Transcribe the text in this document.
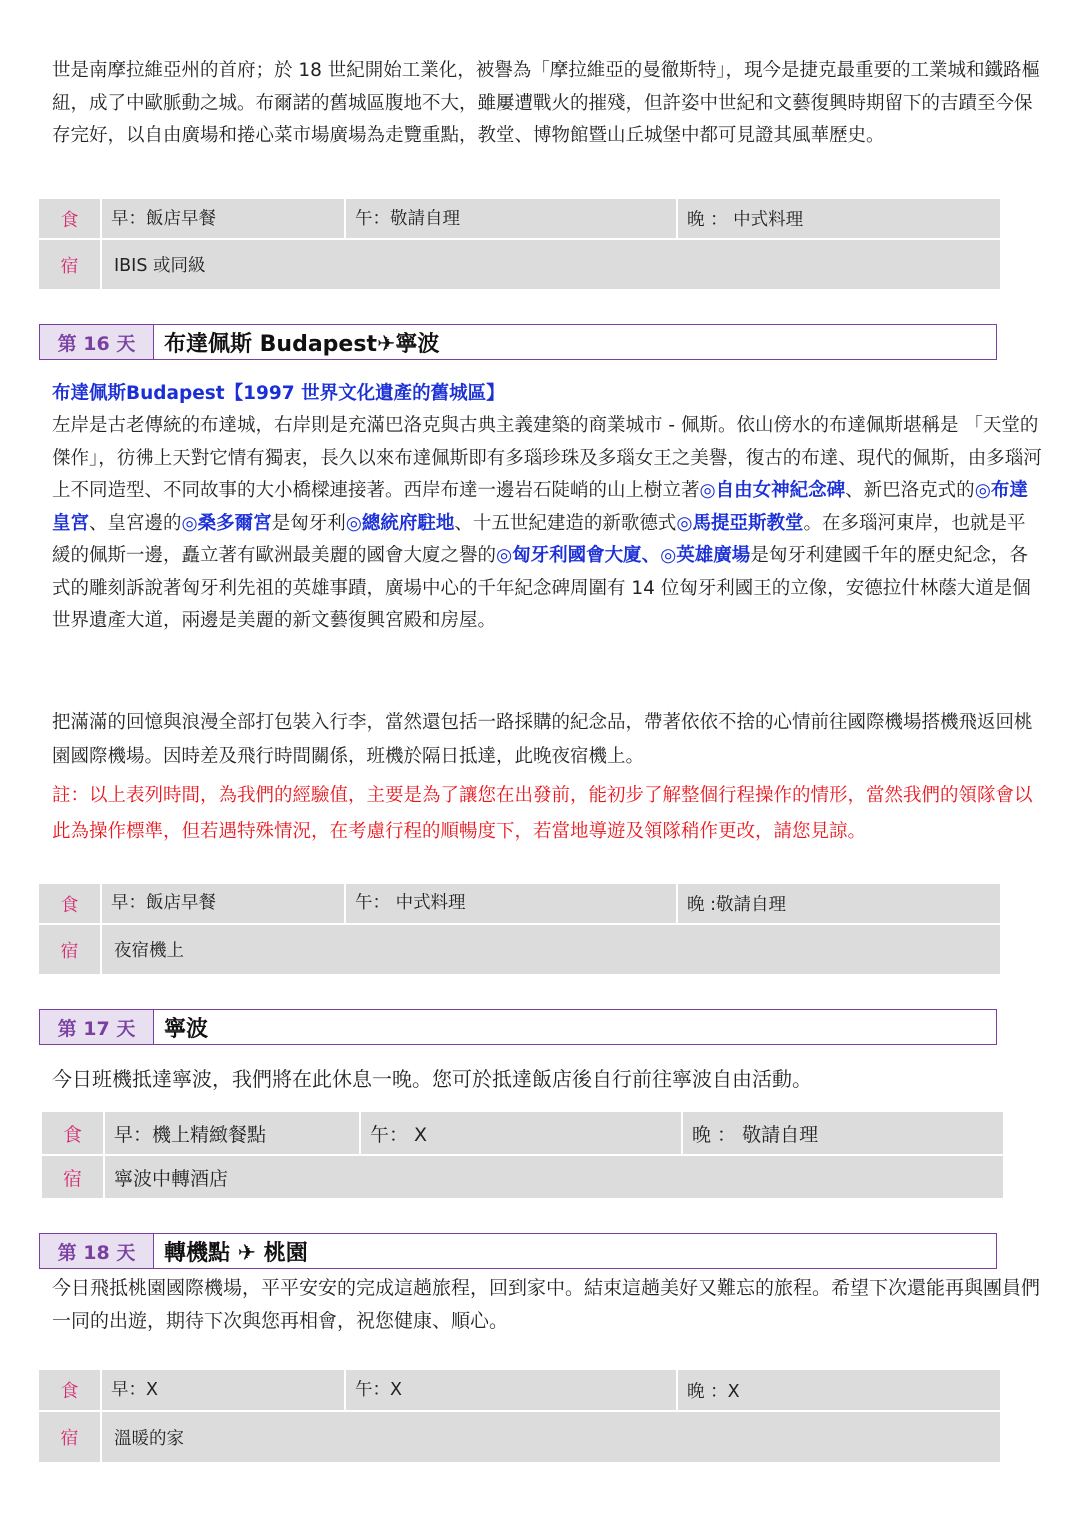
世是南摩拉維亞州的首府；於 18 世紀開始工業化，被譽為「摩拉維亞的曼徹斯特」，現今是捷克最重要的工業城和鐵路樞紐，成了中歐脈動之城。布爾諾的舊城區腹地不大，雖屢遭戰火的摧殘，但許姿中世紀和文藝復興時期留下的吉蹟至今保存完好，以自由廣場和捲心菜市場廣場為走覽重點，教堂、博物館暨山丘城堡中都可見證其風華歷史。

食	早：飯店早餐	午：敬請自理	晚 ： 中式料理
宿	IBIS 或同級
第 16 天	布達佩斯 Budapest✈寧波

布達佩斯Budapest【1997 世界文化遺產的舊城區】

左岸是古老傳統的布達城，右岸則是充滿巴洛克與古典主義建築的商業城市 - 佩斯。依山傍水的布達佩斯堪稱是 「天堂的傑作」，彷彿上天對它情有獨衷，長久以來布達佩斯即有多瑙珍珠及多瑙女王之美譽，復古的布達、現代的佩斯，由多瑙河上不同造型、不同故事的大小橋樑連接著。西岸布達一邊岩石陡峭的山上樹立著◎自由女神紀念碑、新巴洛克式的◎布達皇宮、皇宮邊的◎桑多爾宮是匈牙利◎總統府駐地、十五世紀建造的新歌德式◎馬提亞斯教堂。在多瑙河東岸，也就是平緩的佩斯一邊，矗立著有歐洲最美麗的國會大廈之譽的◎匈牙利國會大廈、◎英雄廣場是匈牙利建國千年的歷史紀念，各式的雕刻訴說著匈牙利先祖的英雄事蹟，廣場中心的千年紀念碑周圍有 14 位匈牙利國王的立像，安德拉什林蔭大道是個世界遺產大道，兩邊是美麗的新文藝復興宮殿和房屋。

把滿滿的回憶與浪漫全部打包裝入行李，當然還包括一路採購的紀念品，帶著依依不捨的心情前往國際機場搭機飛返回桃園國際機場。因時差及飛行時間關係，班機於隔日抵達，此晚夜宿機上。

註：以上表列時間，為我們的經驗值，主要是為了讓您在出發前，能初步了解整個行程操作的情形，當然我們的領隊會以此為操作標準，但若遇特殊情況，在考慮行程的順暢度下，若當地導遊及領隊稍作更改，請您見諒。

食	早：飯店早餐	午： 中式料理	晚 :敬請自理
宿	夜宿機上
第 17 天	寧波

今日班機抵達寧波，我們將在此休息一晚。您可於抵達飯店後自行前往寧波自由活動。

食	早：機上精緻餐點	午： X	晚 ： 敬請自理
宿	寧波中轉酒店
第 18 天	轉機點 ✈ 桃園

今日飛抵桃園國際機場，平平安安的完成這趟旅程，回到家中。結束這趟美好又難忘的旅程。希望下次還能再與團員們一同的出遊，期待下次與您再相會，祝您健康、順心。

食	早：X	午：X	晚 ：X
宿	溫暖的家
